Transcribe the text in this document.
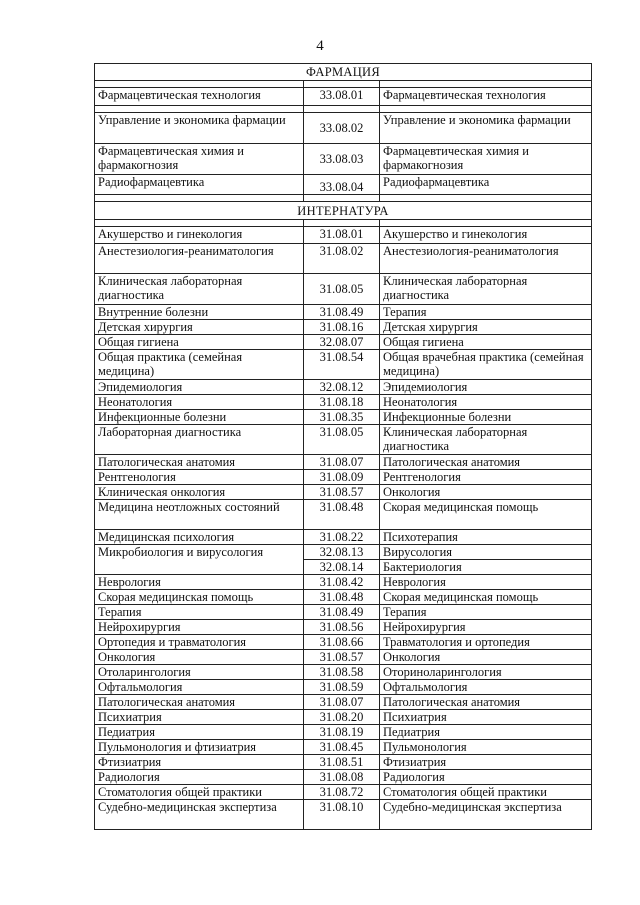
4
ФАРМАЦИЯ		

Фармацевтическая технология	33.08.01	Фармацевтическая технология

Управление и экономика фармации	33.08.02	Управление и экономика фармации
Фармацевтическая химия и фармакогнозия	33.08.03	Фармацевтическая химия и фармакогнозия
Радиофармацевтика	33.08.04	Радиофармацевтика

ИНТЕРНАТУРА		

Акушерство и гинекология	31.08.01	Акушерство и гинекология
Анестезиология-реаниматология	31.08.02	Анестезиология-реаниматология
Клиническая лабораторная диагностика	31.08.05	Клиническая лабораторная диагностика
Внутренние болезни	31.08.49	Терапия
Детская хирургия	31.08.16	Детская хирургия
Общая гигиена	32.08.07	Общая гигиена
Общая практика (семейная медицина)	31.08.54	Общая врачебная практика (семейная медицина)
Эпидемиология	32.08.12	Эпидемиология
Неонатология	31.08.18	Неонатология
Инфекционные болезни	31.08.35	Инфекционные болезни
Лабораторная диагностика	31.08.05	Клиническая лабораторная диагностика
Патологическая анатомия	31.08.07	Патологическая анатомия
Рентгенология	31.08.09	Рентгенология
Клиническая онкология	31.08.57	Онкология
Медицина неотложных состояний	31.08.48	Скорая медицинская помощь
Медицинская психология	31.08.22	Психотерапия
Микробиология и вирусология	32.08.13	Вирусология
	32.08.14	Бактериология
Неврология	31.08.42	Неврология
Скорая медицинская помощь	31.08.48	Скорая медицинская помощь
Терапия	31.08.49	Терапия
Нейрохирургия	31.08.56	Нейрохирургия
Ортопедия и травматология	31.08.66	Травматология и ортопедия
Онкология	31.08.57	Онкология
Отоларингология	31.08.58	Оториноларингология
Офтальмология	31.08.59	Офтальмология
Патологическая анатомия	31.08.07	Патологическая анатомия
Психиатрия	31.08.20	Психиатрия
Педиатрия	31.08.19	Педиатрия
Пульмонология и фтизиатрия	31.08.45	Пульмонология
Фтизиатрия	31.08.51	Фтизиатрия
Радиология	31.08.08	Радиология
Стоматология общей практики	31.08.72	Стоматология общей практики
Судебно-медицинская экспертиза	31.08.10	Судебно-медицинская экспертиза
